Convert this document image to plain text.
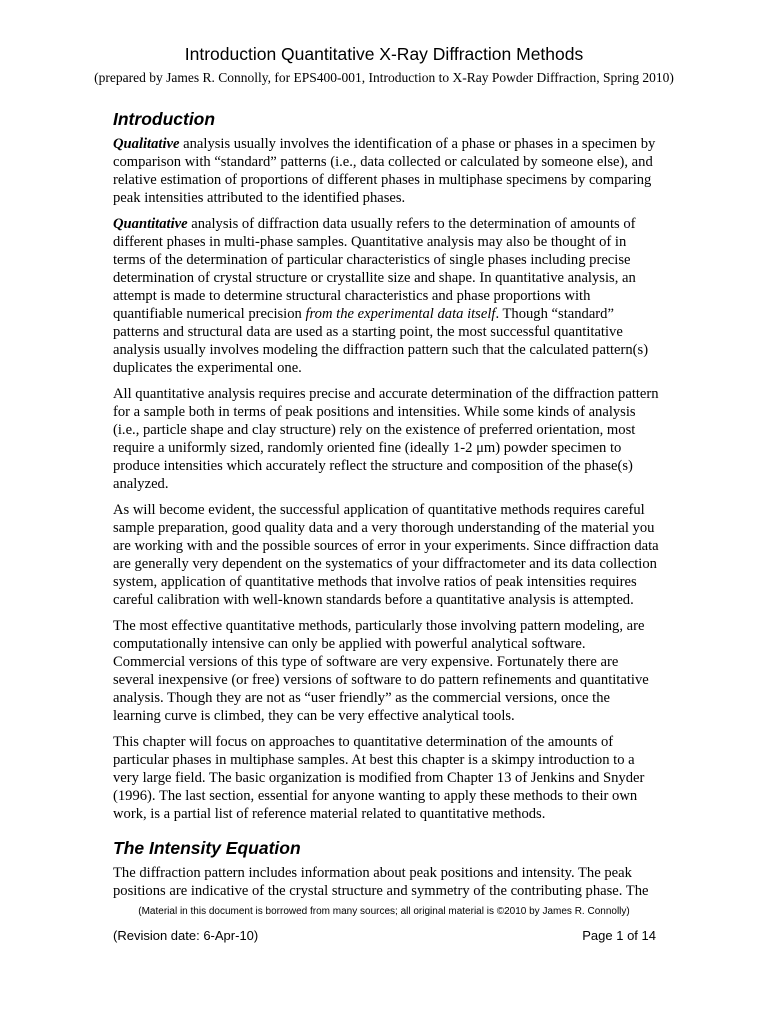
Introduction Quantitative X-Ray Diffraction Methods

(prepared by James R. Connolly, for EPS400-001, Introduction to X-Ray Powder Diffraction, Spring 2010)

Introduction

Qualitative analysis usually involves the identification of a phase or phases in a specimen by comparison with “standard” patterns (i.e., data collected or calculated by someone else), and relative estimation of proportions of different phases in multiphase specimens by comparing peak intensities attributed to the identified phases.

Quantitative analysis of diffraction data usually refers to the determination of amounts of different phases in multi-phase samples. Quantitative analysis may also be thought of in terms of the determination of particular characteristics of single phases including precise determination of crystal structure or crystallite size and shape. In quantitative analysis, an attempt is made to determine structural characteristics and phase proportions with quantifiable numerical precision from the experimental data itself. Though “standard” patterns and structural data are used as a starting point, the most successful quantitative analysis usually involves modeling the diffraction pattern such that the calculated pattern(s) duplicates the experimental one.

All quantitative analysis requires precise and accurate determination of the diffraction pattern for a sample both in terms of peak positions and intensities. While some kinds of analysis (i.e., particle shape and clay structure) rely on the existence of preferred orientation, most require a uniformly sized, randomly oriented fine (ideally 1-2 μm) powder specimen to produce intensities which accurately reflect the structure and composition of the phase(s) analyzed.

As will become evident, the successful application of quantitative methods requires careful sample preparation, good quality data and a very thorough understanding of the material you are working with and the possible sources of error in your experiments. Since diffraction data are generally very dependent on the systematics of your diffractometer and its data collection system, application of quantitative methods that involve ratios of peak intensities requires careful calibration with well-known standards before a quantitative analysis is attempted.

The most effective quantitative methods, particularly those involving pattern modeling, are computationally intensive can only be applied with powerful analytical software. Commercial versions of this type of software are very expensive. Fortunately there are several inexpensive (or free) versions of software to do pattern refinements and quantitative analysis. Though they are not as “user friendly” as the commercial versions, once the learning curve is climbed, they can be very effective analytical tools.

This chapter will focus on approaches to quantitative determination of the amounts of particular phases in multiphase samples. At best this chapter is a skimpy introduction to a very large field. The basic organization is modified from Chapter 13 of Jenkins and Snyder (1996). The last section, essential for anyone wanting to apply these methods to their own work, is a partial list of reference material related to quantitative methods.

The Intensity Equation

The diffraction pattern includes information about peak positions and intensity. The peak positions are indicative of the crystal structure and symmetry of the contributing phase. The

(Material in this document is borrowed from many sources; all original material is ©2010 by James R. Connolly)

(Revision date: 6-Apr-10)	Page 1 of 14
